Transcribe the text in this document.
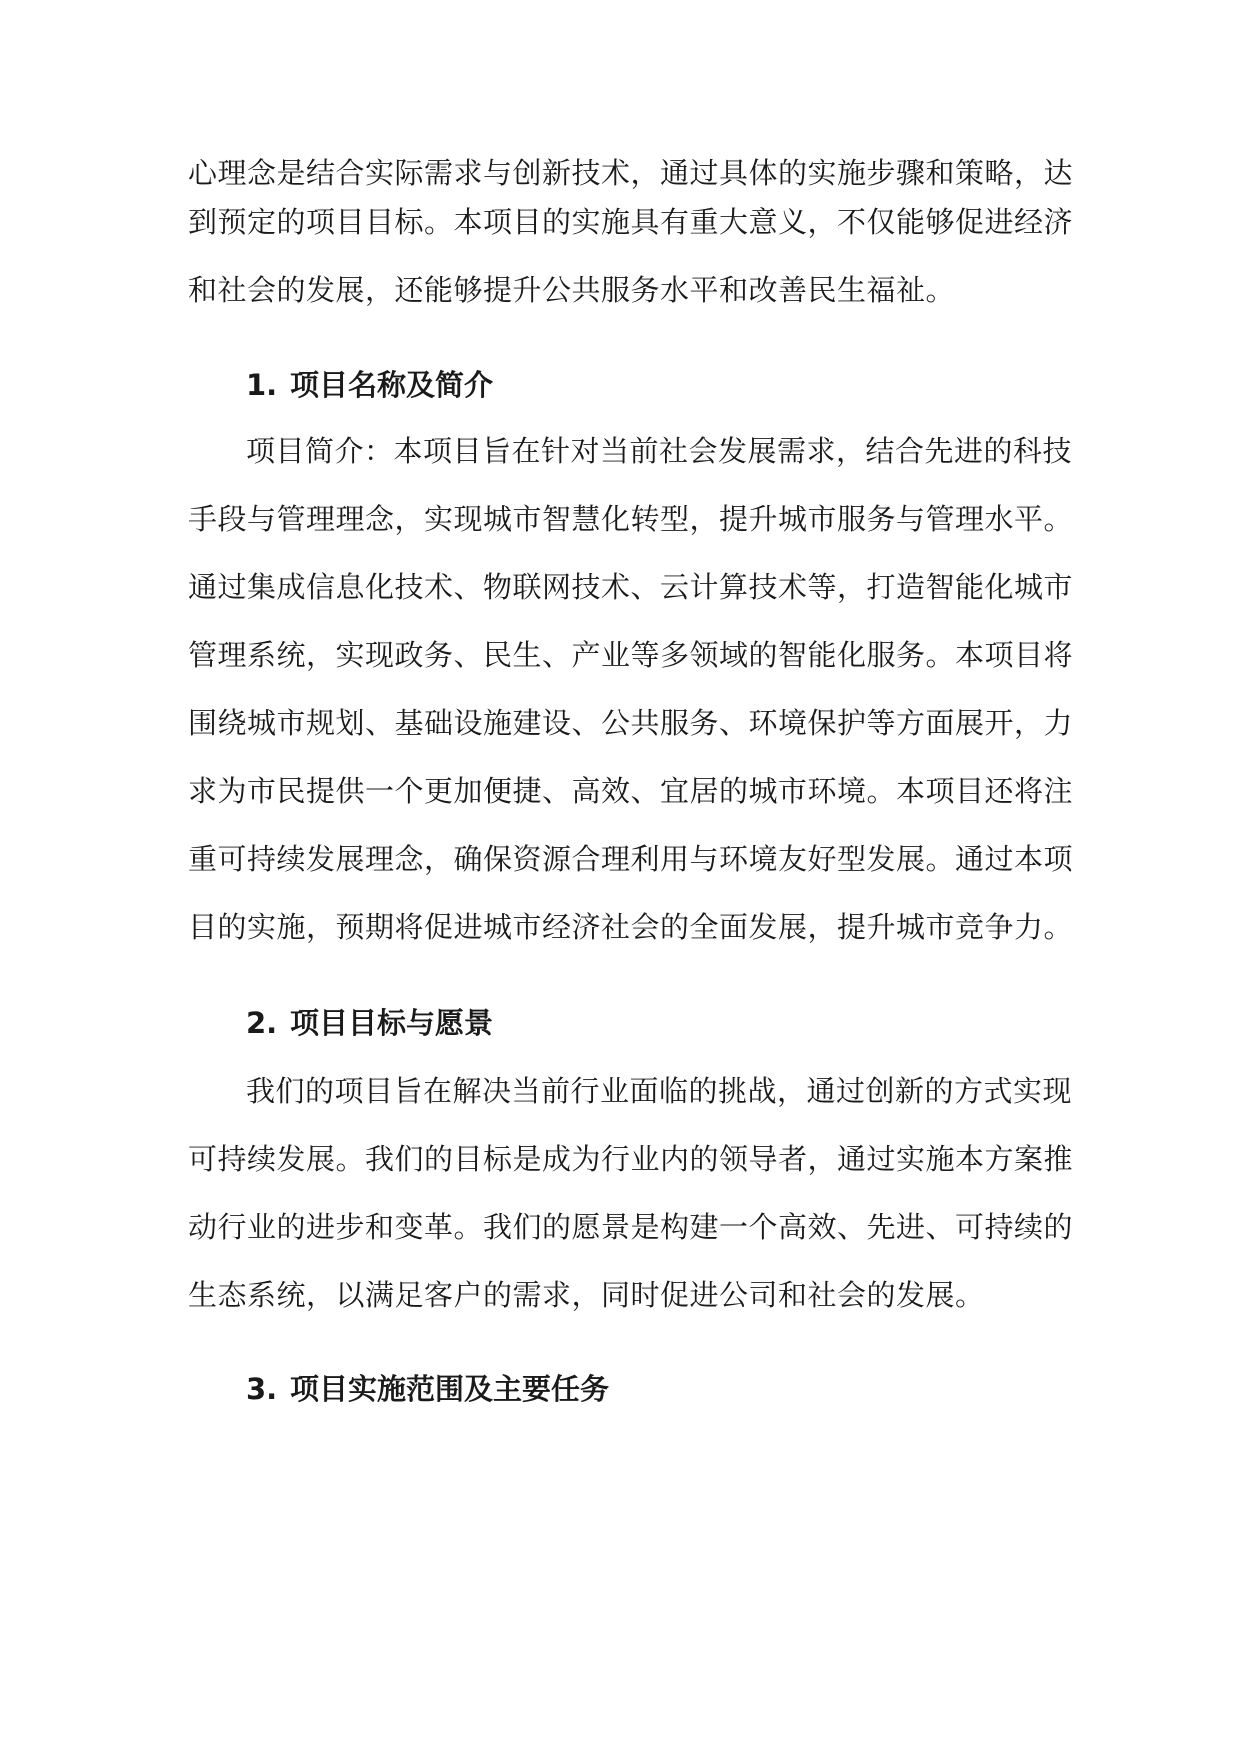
心理念是结合实际需求与创新技术，通过具体的实施步骤和策略，达
到预定的项目目标。本项目的实施具有重大意义，不仅能够促进经济
和社会的发展，还能够提升公共服务水平和改善民生福祉。
1. 项目名称及简介
项目简介：本项目旨在针对当前社会发展需求，结合先进的科技
手段与管理理念，实现城市智慧化转型，提升城市服务与管理水平。
通过集成信息化技术、物联网技术、云计算技术等，打造智能化城市
管理系统，实现政务、民生、产业等多领域的智能化服务。本项目将
围绕城市规划、基础设施建设、公共服务、环境保护等方面展开，力
求为市民提供一个更加便捷、高效、宜居的城市环境。本项目还将注
重可持续发展理念，确保资源合理利用与环境友好型发展。通过本项
目的实施，预期将促进城市经济社会的全面发展，提升城市竞争力。
2. 项目目标与愿景
我们的项目旨在解决当前行业面临的挑战，通过创新的方式实现
可持续发展。我们的目标是成为行业内的领导者，通过实施本方案推
动行业的进步和变革。我们的愿景是构建一个高效、先进、可持续的
生态系统，以满足客户的需求，同时促进公司和社会的发展。
3. 项目实施范围及主要任务
